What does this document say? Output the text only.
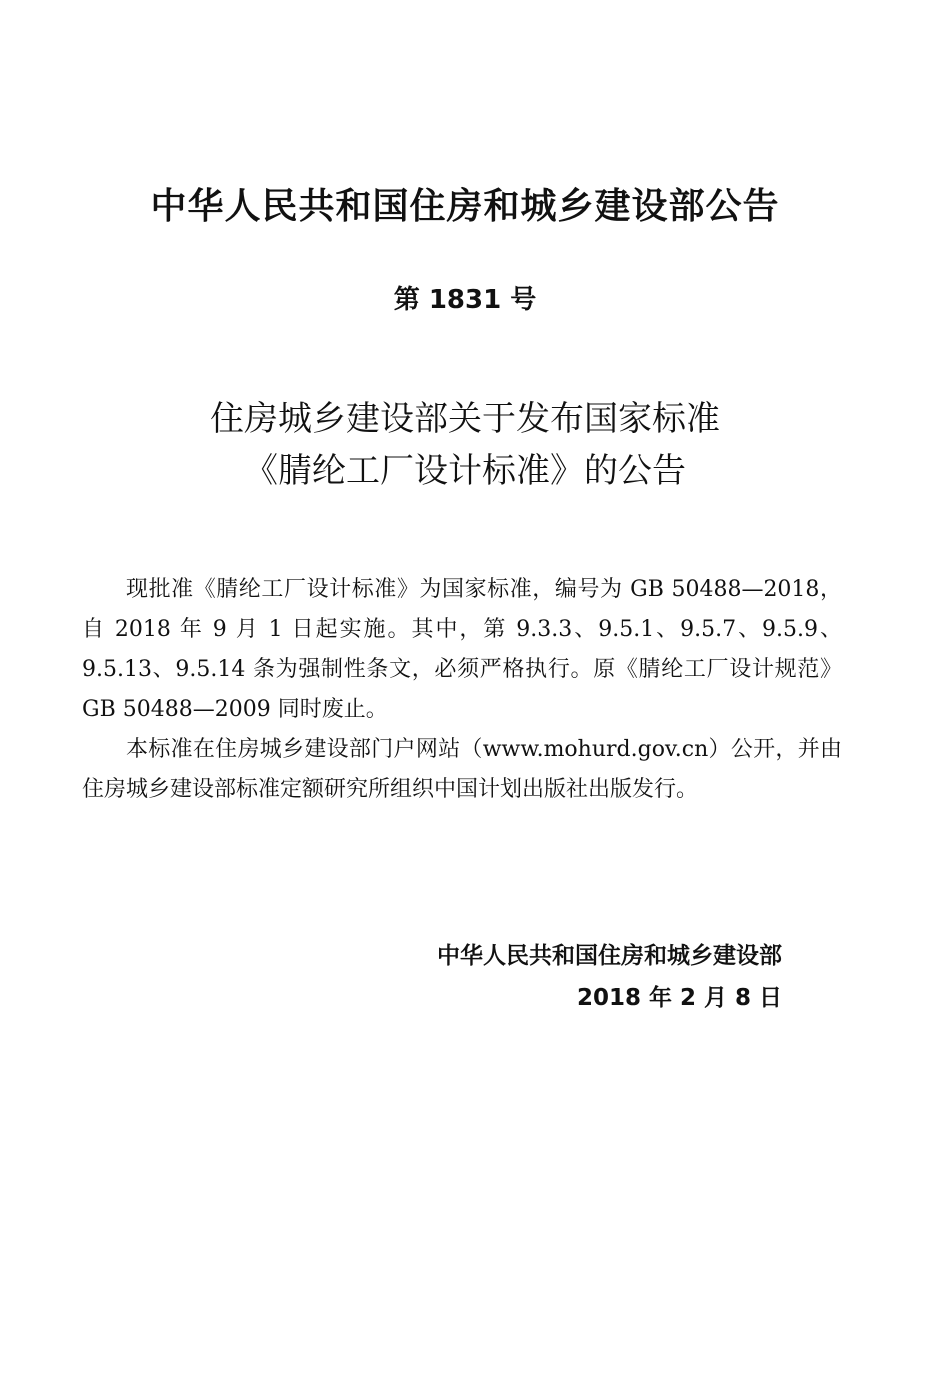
中华人民共和国住房和城乡建设部公告
第 1831 号
住房城乡建设部关于发布国家标准
《腈纶工厂设计标准》的公告

现批准《腈纶工厂设计标准》为国家标准，编号为 GB 50488—2018，自 2018 年 9 月 1 日起实施。其中，第 9.3.3、9.5.1、9.5.7、9.5.9、9.5.13、9.5.14 条为强制性条文，必须严格执行。原《腈纶工厂设计规范》GB 50488—2009 同时废止。

本标准在住房城乡建设部门户网站（www.mohurd.gov.cn）公开，并由住房城乡建设部标准定额研究所组织中国计划出版社出版发行。

中华人民共和国住房和城乡建设部
2018 年 2 月 8 日
